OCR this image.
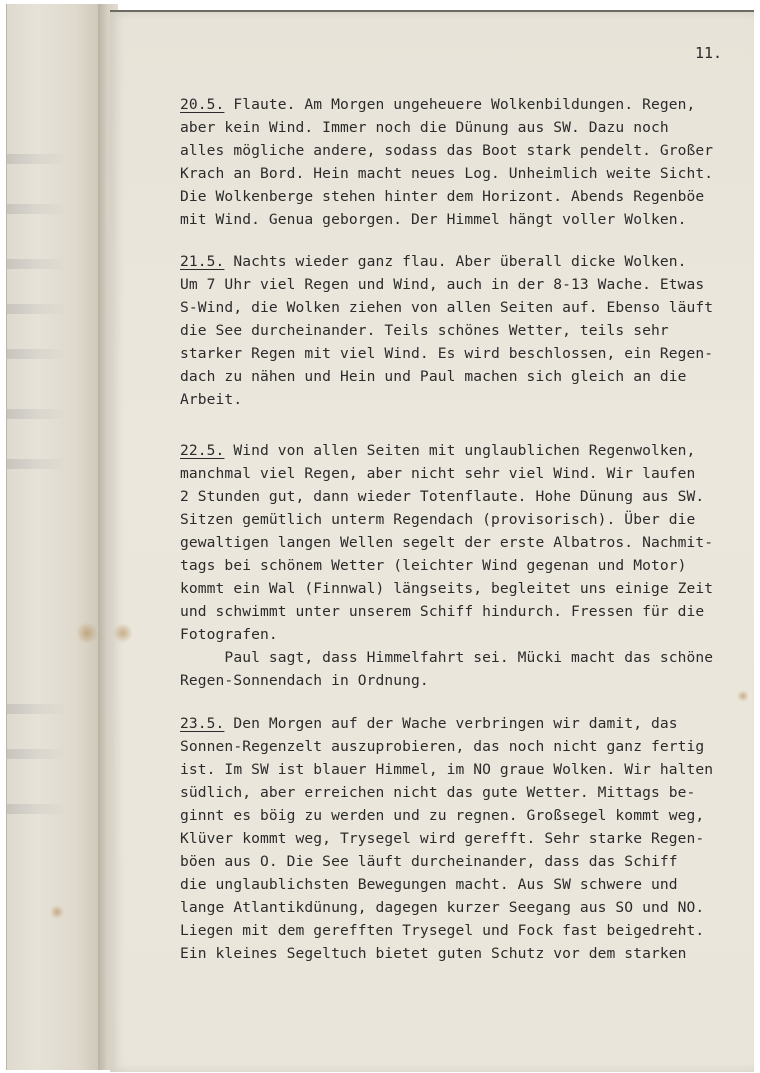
11.
20.5. Flaute. Am Morgen ungeheuere Wolkenbildungen. Regen,
aber kein Wind. Immer noch die Dünung aus SW. Dazu noch
alles mögliche andere, sodass das Boot stark pendelt. Großer
Krach an Bord. Hein macht neues Log. Unheimlich weite Sicht.
Die Wolkenberge stehen hinter dem Horizont. Abends Regenböe
mit Wind. Genua geborgen. Der Himmel hängt voller Wolken.
21.5. Nachts wieder ganz flau. Aber überall dicke Wolken.
Um 7 Uhr viel Regen und Wind, auch in der 8-13 Wache. Etwas
S-Wind, die Wolken ziehen von allen Seiten auf. Ebenso läuft
die See durcheinander. Teils schönes Wetter, teils sehr
starker Regen mit viel Wind. Es wird beschlossen, ein Regen-
dach zu nähen und Hein und Paul machen sich gleich an die
Arbeit.
22.5. Wind von allen Seiten mit unglaublichen Regenwolken,
manchmal viel Regen, aber nicht sehr viel Wind. Wir laufen
2 Stunden gut, dann wieder Totenflaute. Hohe Dünung aus SW.
Sitzen gemütlich unterm Regendach (provisorisch). Über die
gewaltigen langen Wellen segelt der erste Albatros. Nachmit-
tags bei schönem Wetter (leichter Wind gegenan und Motor)
kommt ein Wal (Finnwal) längseits, begleitet uns einige Zeit
und schwimmt unter unserem Schiff hindurch. Fressen für die
Fotografen.
Paul sagt, dass Himmelfahrt sei. Mücki macht das schöne
Regen-Sonnendach in Ordnung.
23.5. Den Morgen auf der Wache verbringen wir damit, das
Sonnen-Regenzelt auszuprobieren, das noch nicht ganz fertig
ist. Im SW ist blauer Himmel, im NO graue Wolken. Wir halten
südlich, aber erreichen nicht das gute Wetter. Mittags be-
ginnt es böig zu werden und zu regnen. Großsegel kommt weg,
Klüver kommt weg, Trysegel wird gerefft. Sehr starke Regen-
böen aus O. Die See läuft durcheinander, dass das Schiff
die unglaublichsten Bewegungen macht. Aus SW schwere und
lange Atlantikdünung, dagegen kurzer Seegang aus SO und NO.
Liegen mit dem gerefften Trysegel und Fock fast beigedreht.
Ein kleines Segeltuch bietet guten Schutz vor dem starken
